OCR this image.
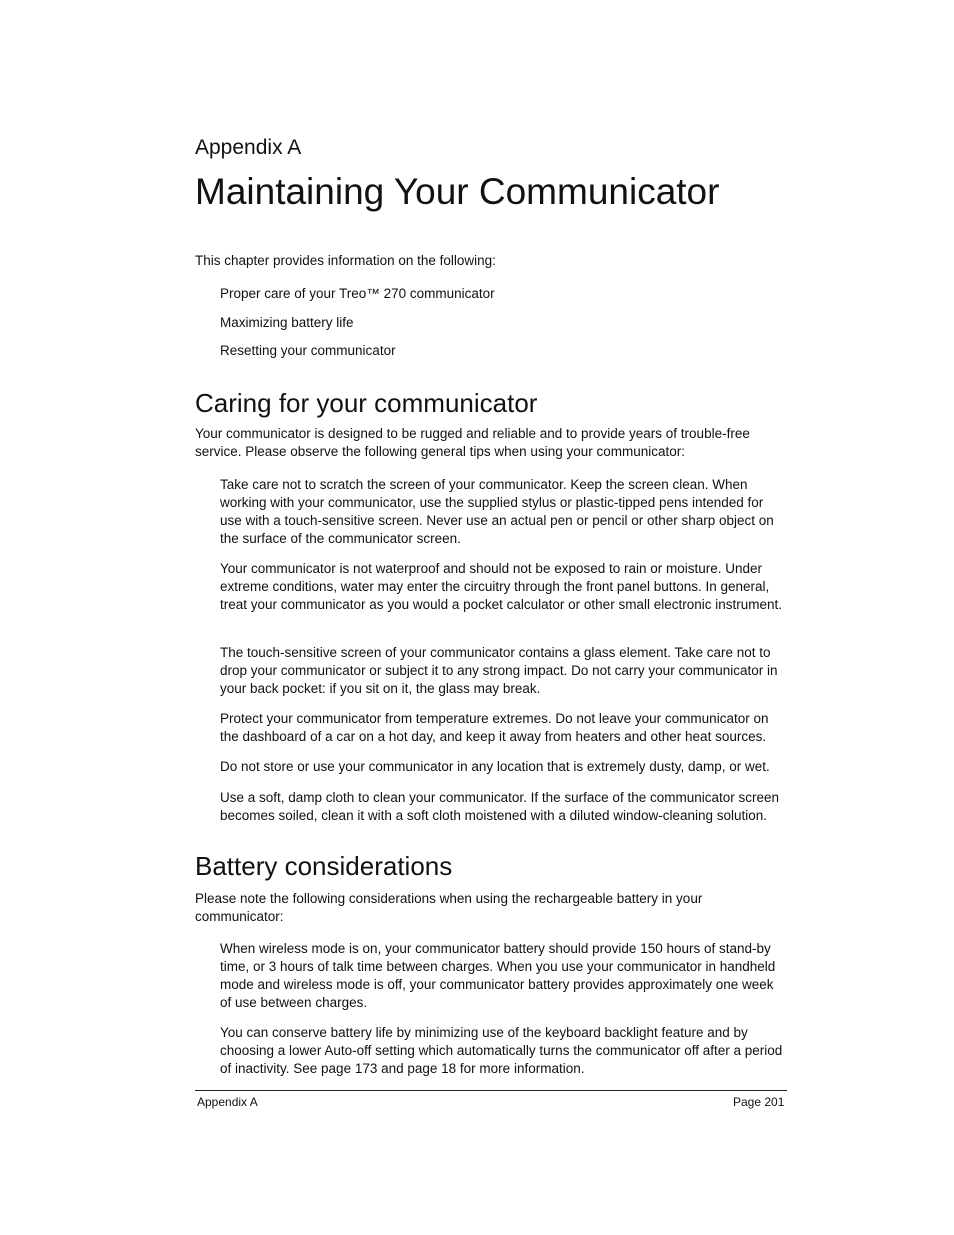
Appendix A
Maintaining Your Communicator

This chapter provides information on the following:

Proper care of your Treo™ 270 communicator
Maximizing battery life
Resetting your communicator
Caring for your communicator

Your communicator is designed to be rugged and reliable and to provide years of trouble-free service. Please observe the following general tips when using your communicator:

Take care not to scratch the screen of your communicator. Keep the screen clean. When working with your communicator, use the supplied stylus or plastic-tipped pens intended for use with a touch-sensitive screen. Never use an actual pen or pencil or other sharp object on the surface of the communicator screen.

Your communicator is not waterproof and should not be exposed to rain or moisture. Under extreme conditions, water may enter the circuitry through the front panel buttons. In general, treat your communicator as you would a pocket calculator or other small electronic instrument.

The touch-sensitive screen of your communicator contains a glass element. Take care not to drop your communicator or subject it to any strong impact. Do not carry your communicator in your back pocket: if you sit on it, the glass may break.

Protect your communicator from temperature extremes. Do not leave your communicator on the dashboard of a car on a hot day, and keep it away from heaters and other heat sources.

Do not store or use your communicator in any location that is extremely dusty, damp, or wet.

Use a soft, damp cloth to clean your communicator. If the surface of the communicator screen becomes soiled, clean it with a soft cloth moistened with a diluted window-cleaning solution.

Battery considerations

Please note the following considerations when using the rechargeable battery in your communicator:

When wireless mode is on, your communicator battery should provide 150 hours of stand-by time, or 3 hours of talk time between charges. When you use your communicator in handheld mode and wireless mode is off, your communicator battery provides approximately one week of use between charges.

You can conserve battery life by minimizing use of the keyboard backlight feature and by choosing a lower Auto-off setting which automatically turns the communicator off after a period of inactivity. See page 173 and page 18 for more information.

Appendix A	Page 201
